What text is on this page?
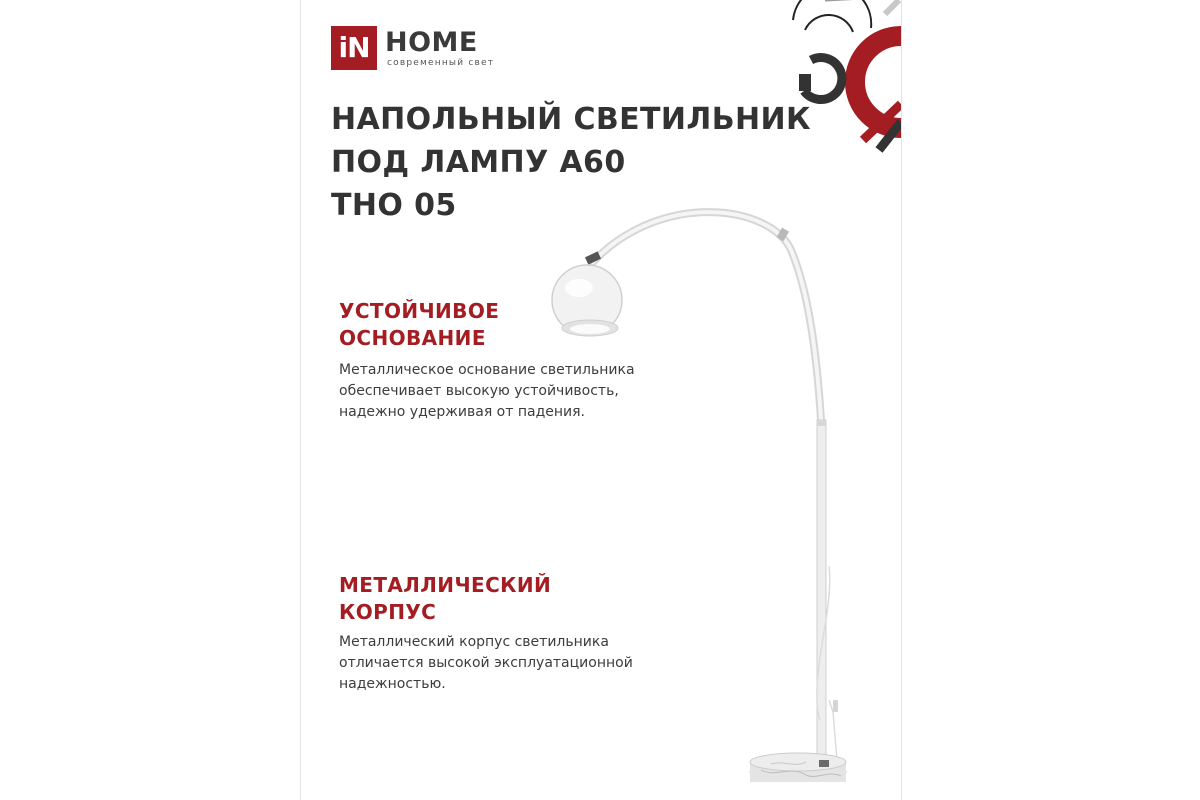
iN HOME
современный свет
НАПОЛЬНЫЙ СВЕТИЛЬНИК
ПОД ЛАМПУ А60
THO 05
УСТОЙЧИВОЕ
ОСНОВАНИЕ
Металлическое основание светильника
обеспечивает высокую устойчивость,
надежно удерживая от падения.
МЕТАЛЛИЧЕСКИЙ
КОРПУС
Металлический корпус светильника
отличается высокой эксплуатационной
надежностью.
